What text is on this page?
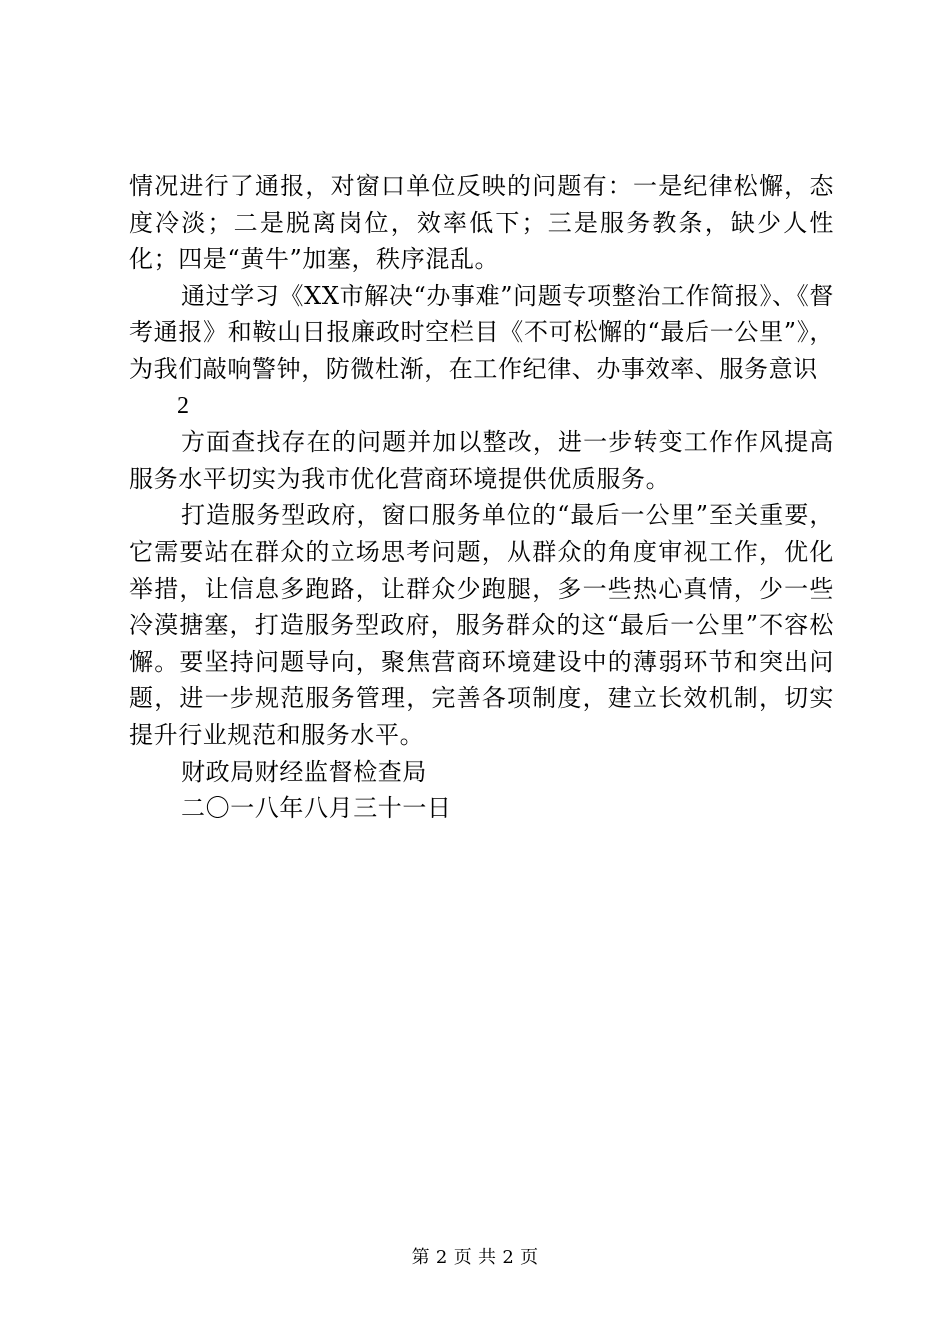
情况进行了通报，对窗口单位反映的问题有：一是纪律松懈，态度冷淡；二是脱离岗位，效率低下；三是服务教条，缺少人性化；四是“黄牛”加塞，秩序混乱。

通过学习《XX市解决“办事难”问题专项整治工作简报》、《督考通报》和鞍山日报廉政时空栏目《不可松懈的“最后一公里”》，为我们敲响警钟，防微杜渐，在工作纪律、办事效率、服务意识

2

方面查找存在的问题并加以整改，进一步转变工作作风提高服务水平切实为我市优化营商环境提供优质服务。

打造服务型政府，窗口服务单位的“最后一公里”至关重要，它需要站在群众的立场思考问题，从群众的角度审视工作，优化举措，让信息多跑路，让群众少跑腿，多一些热心真情，少一些冷漠搪塞，打造服务型政府，服务群众的这“最后一公里”不容松懈。要坚持问题导向，聚焦营商环境建设中的薄弱环节和突出问题，进一步规范服务管理，完善各项制度，建立长效机制，切实提升行业规范和服务水平。

财政局财经监督检查局

二〇一八年八月三十一日

第 2 页 共 2 页
